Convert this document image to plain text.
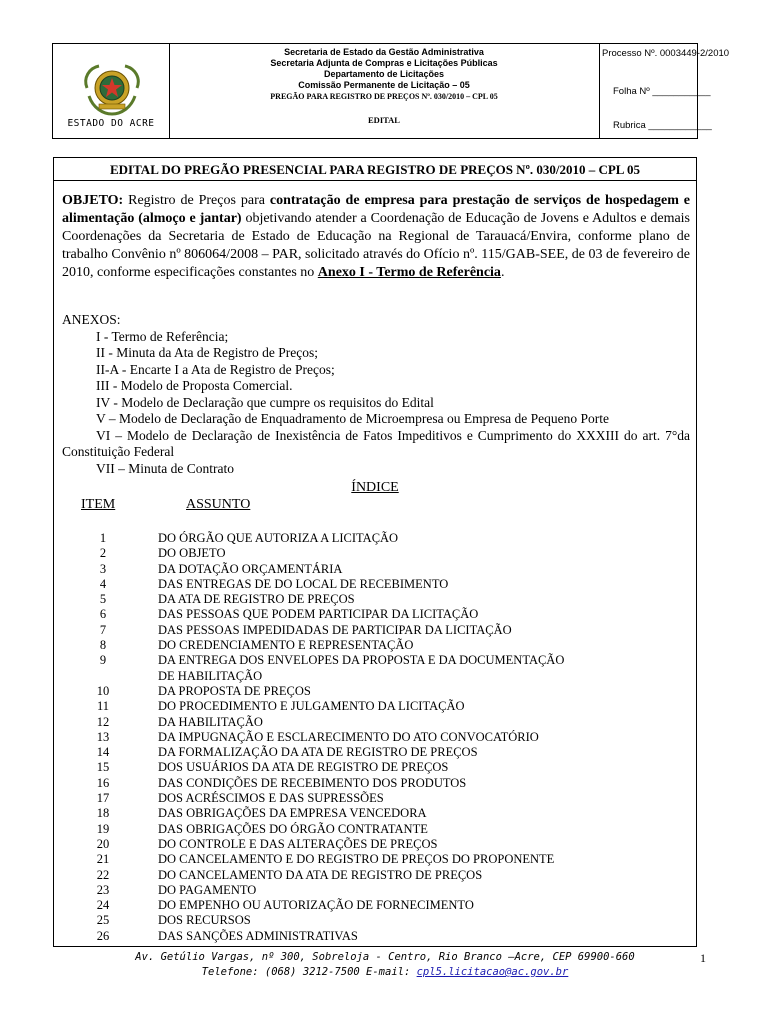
ESTADO DO ACRE
Secretaria de Estado da Gestão Administrativa
Secretaria Adjunta de Compras e Licitações Públicas
Departamento de Licitações
Comissão Permanente de Licitação – 05
PREGÃO PARA REGISTRO DE PREÇOS Nº. 030/2010 – CPL 05
EDITAL
Processo Nº. 0003449-2/2010
Folha Nº ___________
Rubrica ____________
EDITAL DO PREGÃO PRESENCIAL PARA REGISTRO DE PREÇOS Nº. 030/2010 – CPL 05
OBJETO: Registro de Preços para contratação de empresa para prestação de serviços de hospedagem e alimentação (almoço e jantar) objetivando atender a Coordenação de Educação de Jovens e Adultos e demais Coordenações da Secretaria de Estado de Educação na Regional de Tarauacá/Envira, conforme plano de trabalho Convênio nº 806064/2008 – PAR, solicitado através do Ofício nº. 115/GAB-SEE, de 03 de fevereiro de 2010, conforme especificações constantes no Anexo I - Termo de Referência.
ANEXOS:
I - Termo de Referência;
II - Minuta da Ata de Registro de Preços;
II-A - Encarte I a Ata de Registro de Preços;
III - Modelo de Proposta Comercial.
IV - Modelo de Declaração que cumpre os requisitos do Edital
V – Modelo de Declaração de Enquadramento de Microempresa ou Empresa de Pequeno Porte
VI – Modelo de Declaração de Inexistência de Fatos Impeditivos e Cumprimento do XXXIII do art. 7°da Constituição Federal
VII – Minuta de Contrato
ÍNDICE
ITEM	ASSUNTO
1	DO ÓRGÃO QUE AUTORIZA A LICITAÇÃO
2	DO OBJETO
3	DA DOTAÇÃO ORÇAMENTÁRIA
4	DAS ENTREGAS DE DO LOCAL DE RECEBIMENTO
5	DA ATA DE REGISTRO DE PREÇOS
6	DAS PESSOAS QUE PODEM PARTICIPAR DA LICITAÇÃO
7	DAS PESSOAS IMPEDIDADAS DE PARTICIPAR DA LICITAÇÃO
8	DO CREDENCIAMENTO E REPRESENTAÇÃO
9	DA ENTREGA DOS ENVELOPES DA PROPOSTA E DA DOCUMENTAÇÃO
DE HABILITAÇÃO
10	DA PROPOSTA DE PREÇOS
11	DO PROCEDIMENTO E JULGAMENTO DA LICITAÇÃO
12	DA HABILITAÇÃO
13	DA IMPUGNAÇÃO E ESCLARECIMENTO DO ATO CONVOCATÓRIO
14	DA FORMALIZAÇÃO DA ATA DE REGISTRO DE PREÇOS
15	DOS USUÁRIOS DA ATA DE REGISTRO DE PREÇOS
16	DAS CONDIÇÕES DE RECEBIMENTO DOS PRODUTOS
17	DOS ACRÉSCIMOS E DAS SUPRESSÕES
18	DAS OBRIGAÇÕES DA EMPRESA VENCEDORA
19	DAS OBRIGAÇÕES DO ÓRGÃO CONTRATANTE
20	DO CONTROLE E DAS ALTERAÇÕES DE PREÇOS
21	DO CANCELAMENTO E DO REGISTRO DE PREÇOS DO PROPONENTE
22	DO CANCELAMENTO DA ATA DE REGISTRO DE PREÇOS
23	DO PAGAMENTO
24	DO EMPENHO OU AUTORIZAÇÃO DE FORNECIMENTO
25	DOS RECURSOS
26	DAS SANÇÕES ADMINISTRATIVAS
Av. Getúlio Vargas, nº 300, Sobreloja - Centro, Rio Branco –Acre, CEP 69900-660
Telefone: (068) 3212-7500 E-mail: cpl5.licitacao@ac.gov.br
1
